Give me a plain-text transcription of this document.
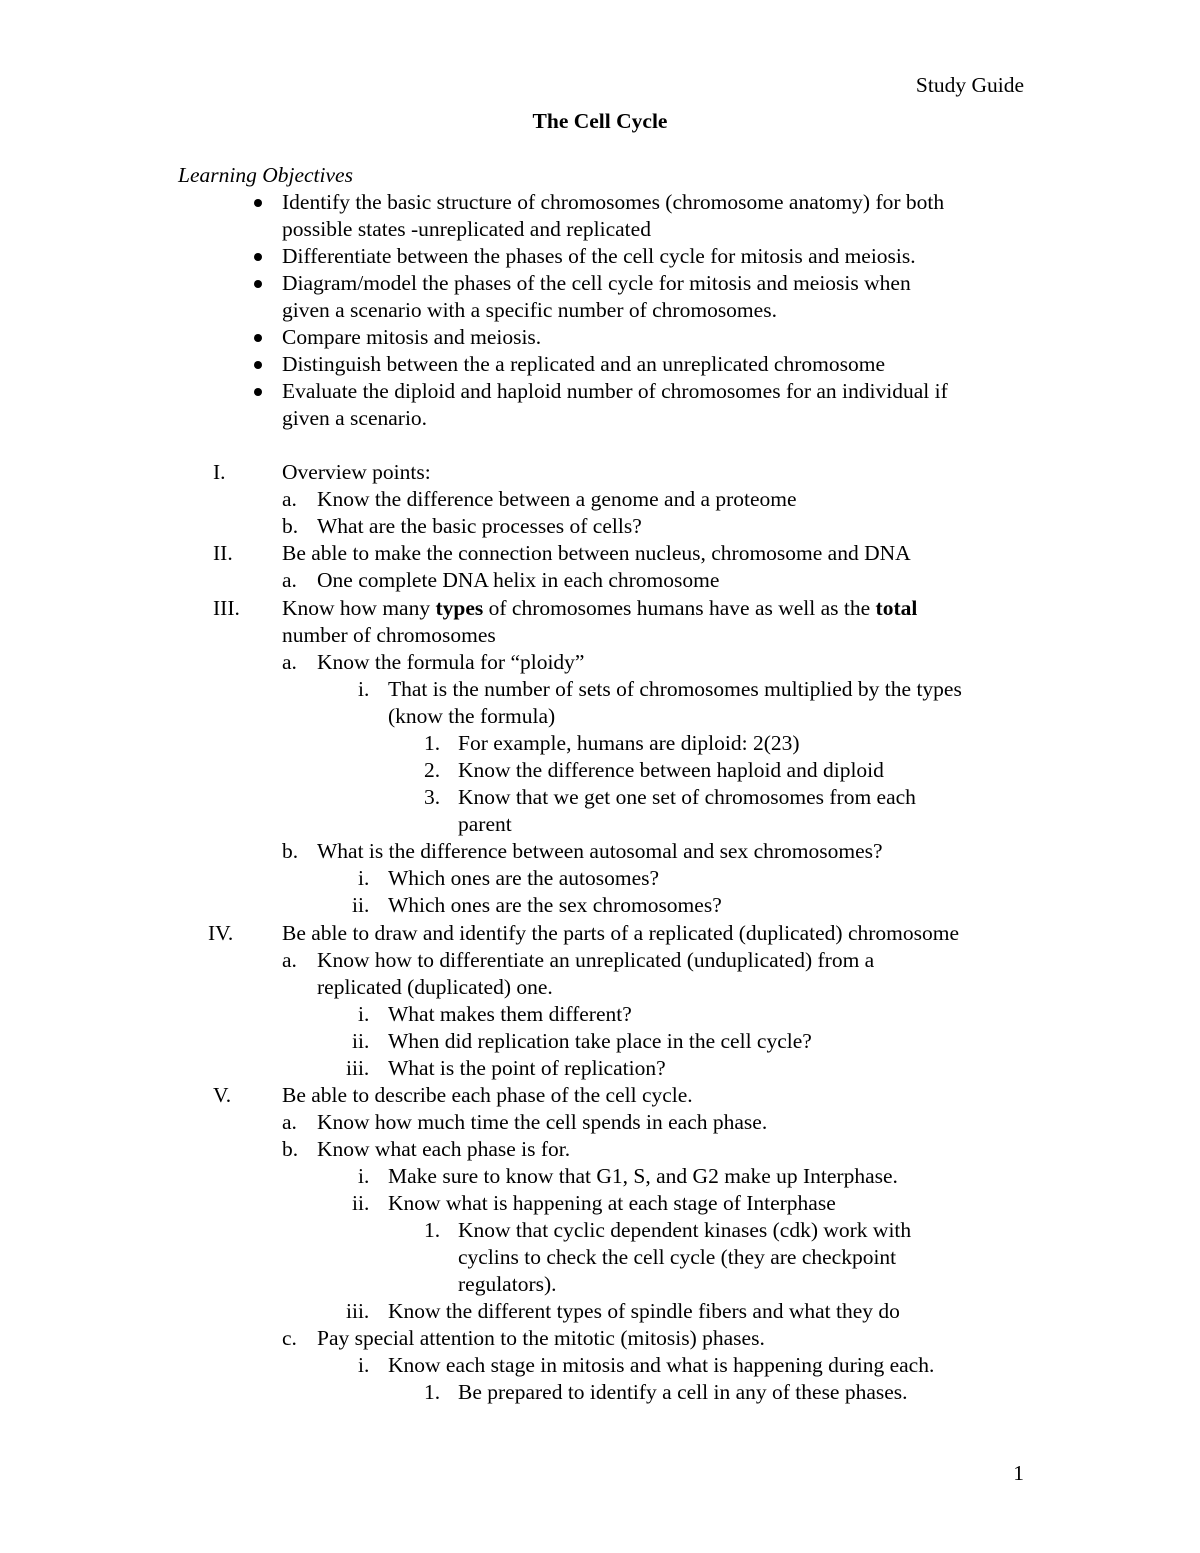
Study Guide
The Cell Cycle
Learning Objectives
Identify the basic structure of chromosomes (chromosome anatomy) for both
possible states -unreplicated and replicated
Differentiate between the phases of the cell cycle for mitosis and meiosis.
Diagram/model the phases of the cell cycle for mitosis and meiosis when
given a scenario with a specific number of chromosomes.
Compare mitosis and meiosis.
Distinguish between the a replicated and an unreplicated chromosome
Evaluate the diploid and haploid number of chromosomes for an individual if
given a scenario.
I.	Overview points:
a. Know the difference between a genome and a proteome
b. What are the basic processes of cells?
II. Be able to make the connection between nucleus, chromosome and DNA
a. One complete DNA helix in each chromosome
III. Know how many types of chromosomes humans have as well as the total
number of chromosomes
a. Know the formula for “ploidy”
i. That is the number of sets of chromosomes multiplied by the types
(know the formula)
1. For example, humans are diploid: 2(23)
2. Know the difference between haploid and diploid
3. Know that we get one set of chromosomes from each
parent
b. What is the difference between autosomal and sex chromosomes?
i. Which ones are the autosomes?
ii. Which ones are the sex chromosomes?
IV. Be able to draw and identify the parts of a replicated (duplicated) chromosome
a. Know how to differentiate an unreplicated (unduplicated) from a
replicated (duplicated) one.
i. What makes them different?
ii. When did replication take place in the cell cycle?
iii. What is the point of replication?
V. Be able to describe each phase of the cell cycle.
a. Know how much time the cell spends in each phase.
b. Know what each phase is for.
i. Make sure to know that G1, S, and G2 make up Interphase.
ii. Know what is happening at each stage of Interphase
1. Know that cyclic dependent kinases (cdk) work with
cyclins to check the cell cycle (they are checkpoint
regulators).
iii. Know the different types of spindle fibers and what they do
c. Pay special attention to the mitotic (mitosis) phases.
i. Know each stage in mitosis and what is happening during each.
1. Be prepared to identify a cell in any of these phases.
1
